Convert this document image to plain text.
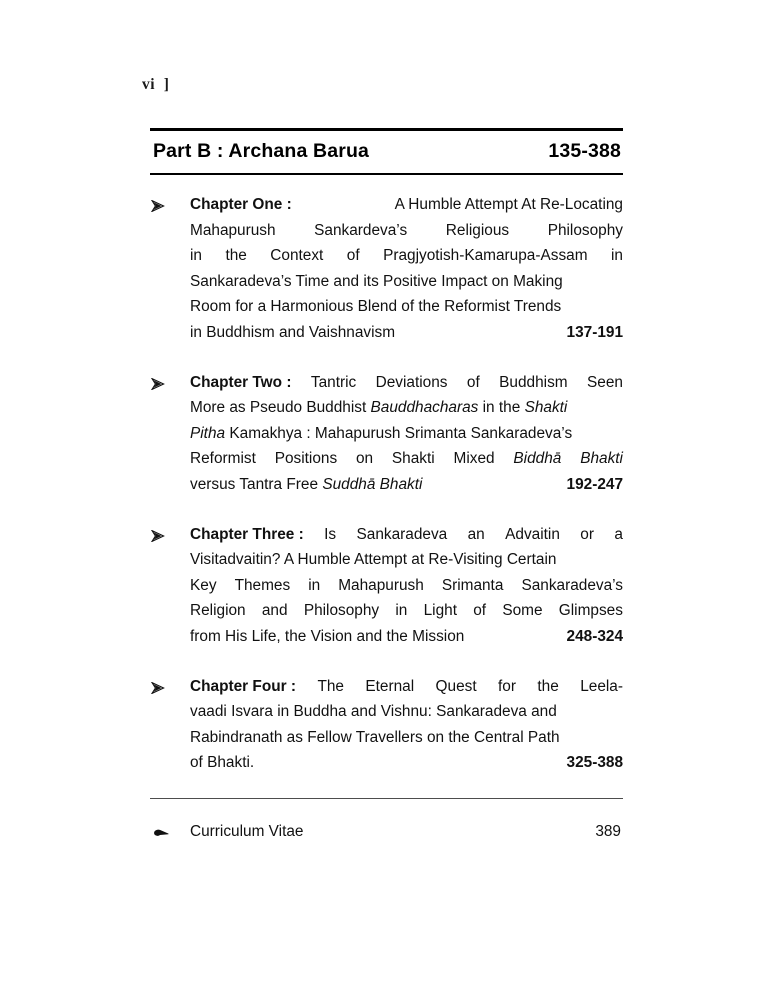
vi  ]
Part B : Archana Barua	135-388
Chapter One :	A Humble Attempt At Re-Locating
Mahapurush	Sankardeva’s	Religious	Philosophy
in the Context of Pragjyotish-Kamarupa-Assam in
Sankaradeva’s Time and its Positive Impact on Making
Room for a Harmonious Blend of the Reformist Trends
in Buddhism and Vaishnavism	137-191
Chapter Two : Tantric Deviations of Buddhism Seen
More as Pseudo Buddhist Bauddhacharas in the Shakti
Pitha Kamakhya : Mahapurush Srimanta Sankaradeva’s
Reformist Positions on Shakti Mixed Biddhā Bhakti
versus Tantra Free Suddhā Bhakti	192-247
Chapter Three : Is Sankaradeva an Advaitin or a
Visitadvaitin? A Humble Attempt at Re-Visiting Certain
Key Themes in Mahapurush Srimanta Sankaradeva’s
Religion and Philosophy in Light of Some Glimpses
from His Life, the Vision and the Mission	248-324
Chapter Four : The Eternal Quest for the Leela-
vaadi Isvara in Buddha and Vishnu: Sankaradeva and
Rabindranath as Fellow Travellers on the Central Path
of Bhakti.	325-388
Curriculum Vitae	389
